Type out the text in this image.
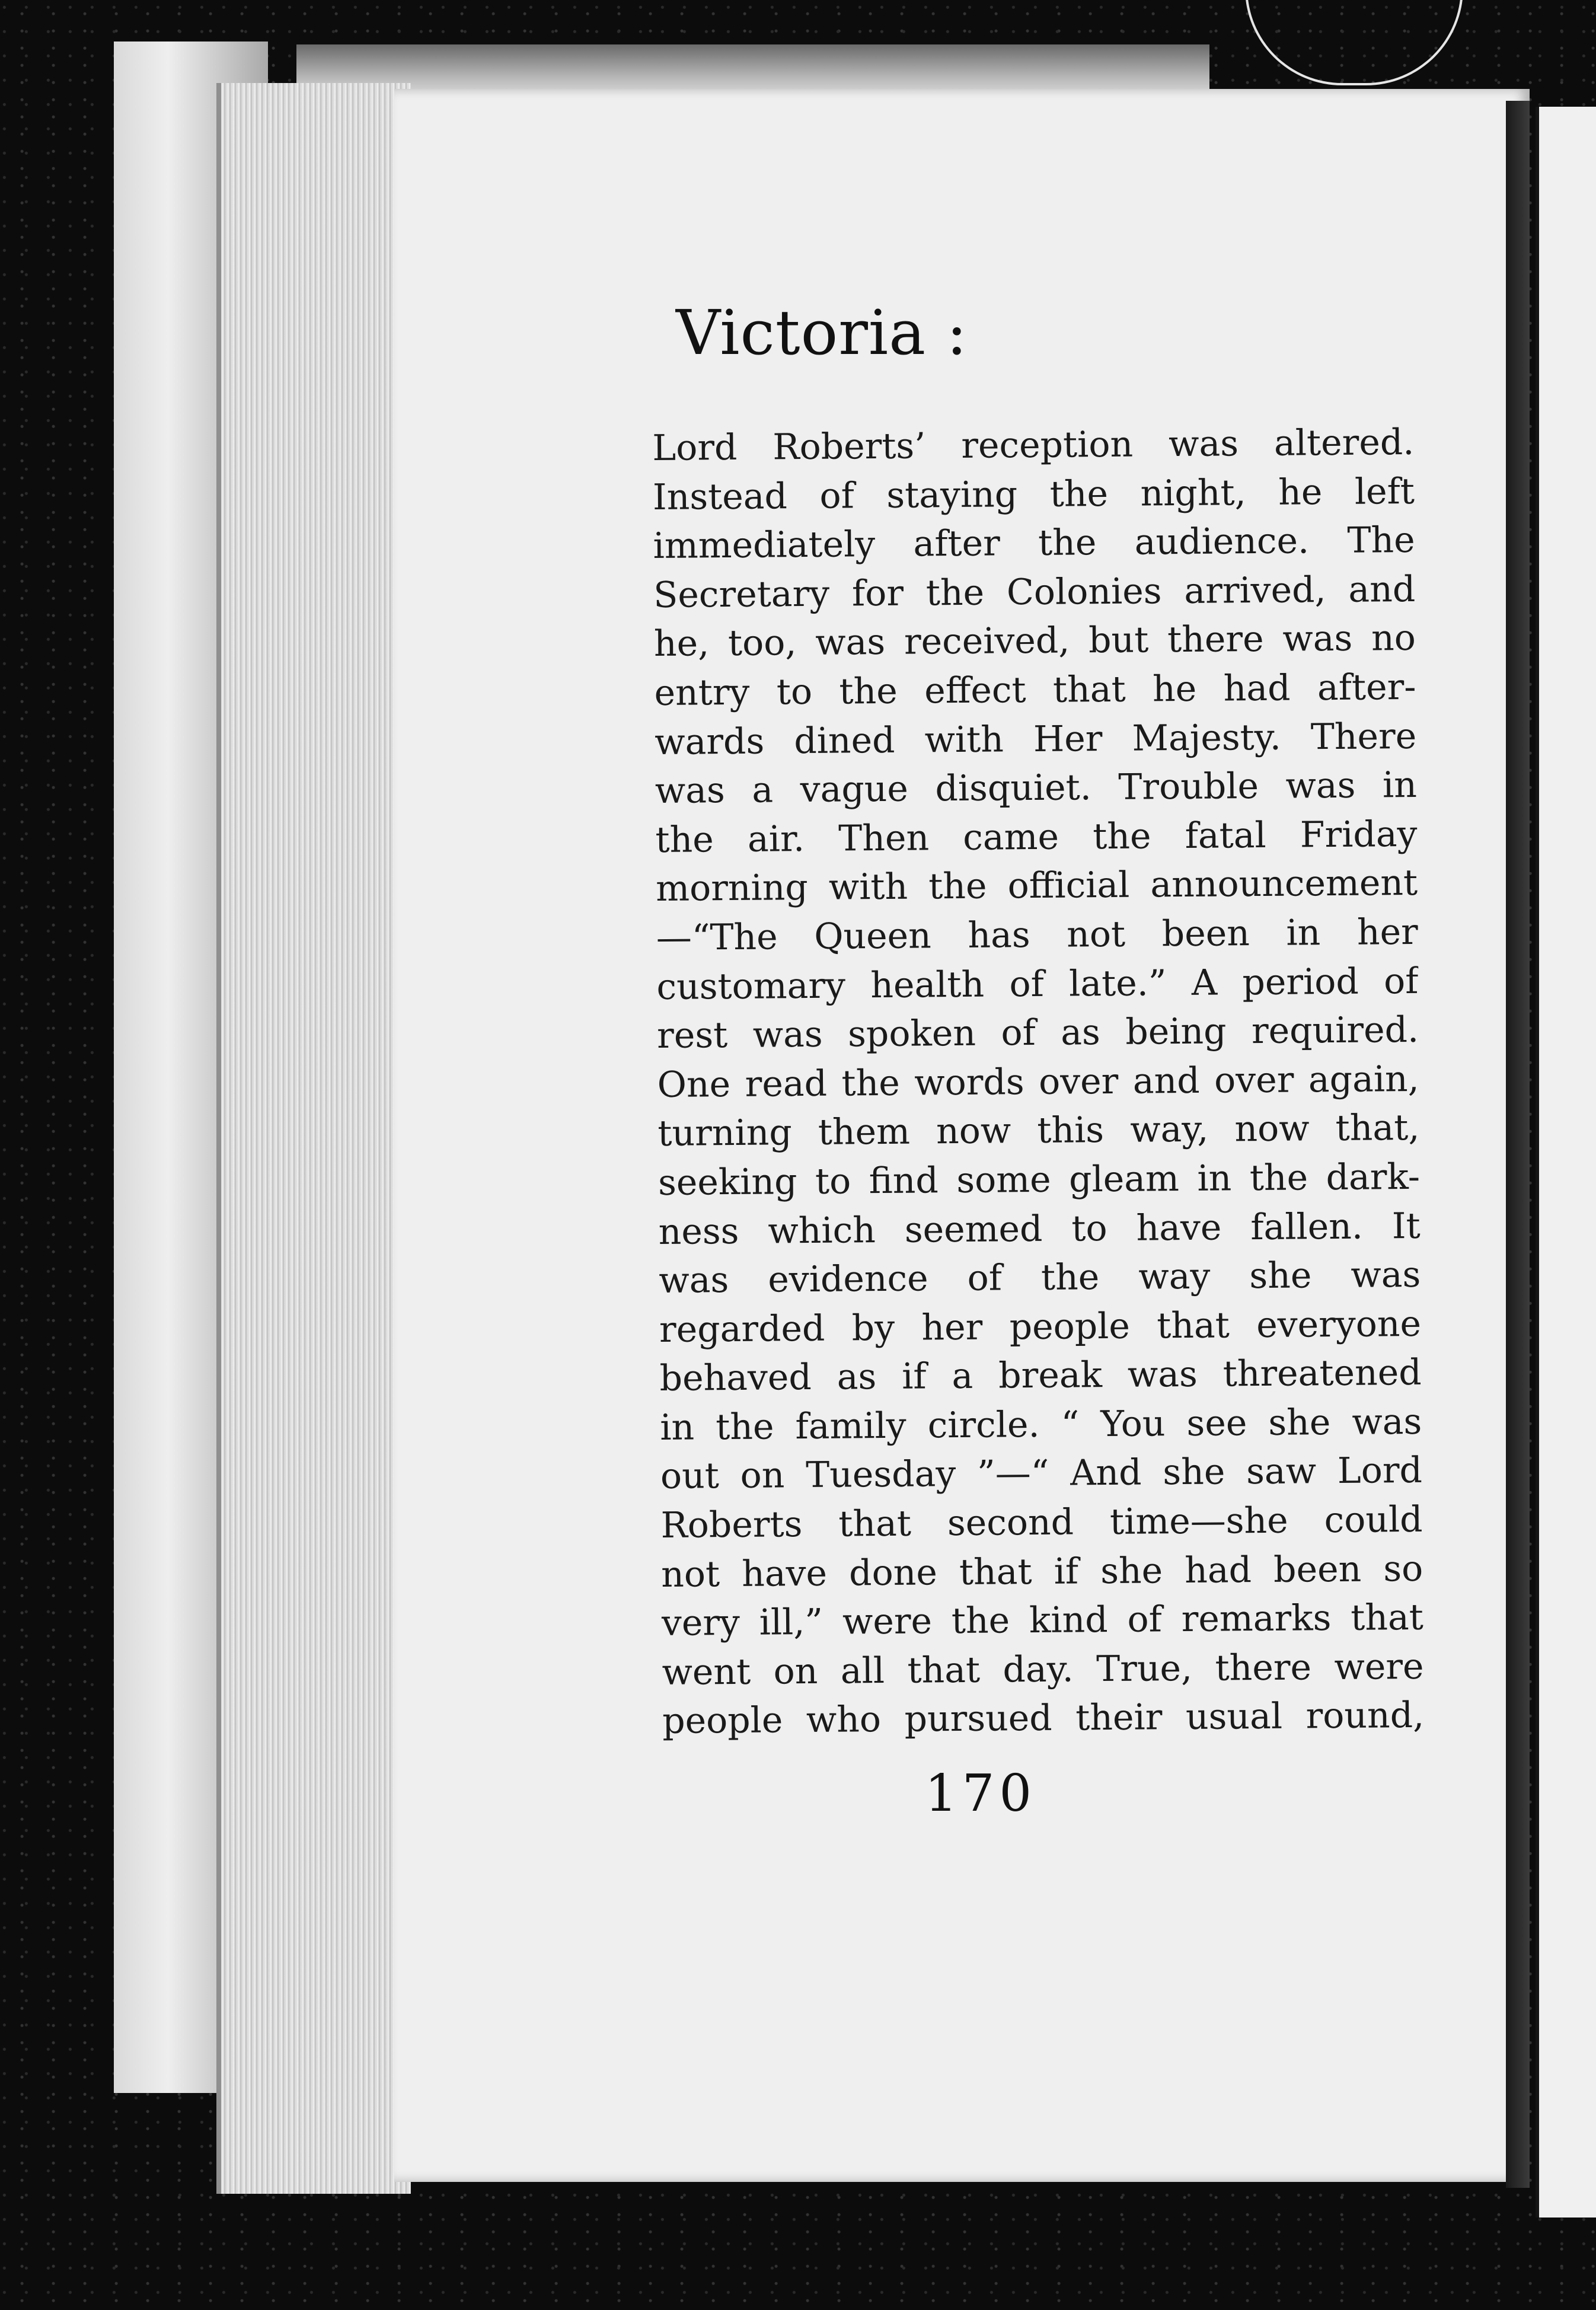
Victoria :
Lord Roberts’ reception was altered.
Instead of staying the night, he left
immediately after the audience. The
Secretary for the Colonies arrived, and
he, too, was received, but there was no
entry to the effect that he had after-
wards dined with Her Majesty. There
was a vague disquiet. Trouble was in
the air. Then came the fatal Friday
morning with the official announcement
—“The Queen has not been in her
customary health of late.” A period of
rest was spoken of as being required.
One read the words over and over again,
turning them now this way, now that,
seeking to find some gleam in the dark-
ness which seemed to have fallen. It
was evidence of the way she was
regarded by her people that everyone
behaved as if a break was threatened
in the family circle. “ You see she was
out on Tuesday ”—“ And she saw Lord
Roberts that second time—she could
not have done that if she had been so
very ill,” were the kind of remarks that
went on all that day. True, there were
people who pursued their usual round,
170
